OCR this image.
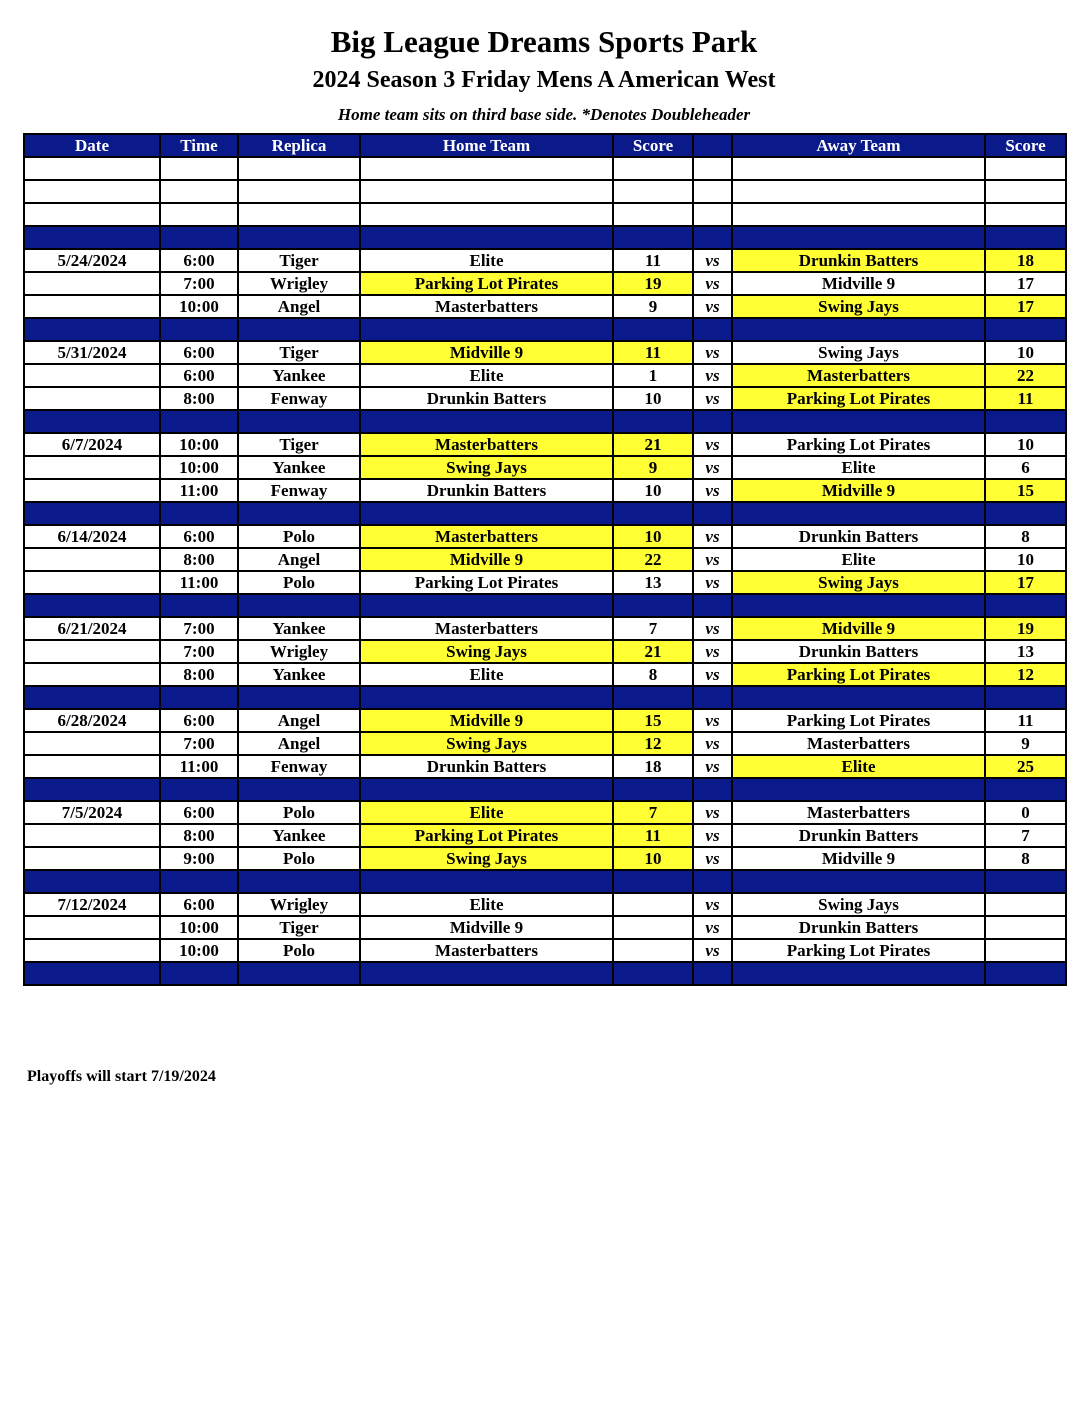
Big League Dreams Sports Park
2024 Season 3 Friday Mens A American West
Home team sits on third base side. *Denotes Doubleheader
Date	Time	Replica	Home Team	Score		Away Team	Score

5/24/2024	6:00	Tiger	Elite	11	vs	Drunkin Batters	18
	7:00	Wrigley	Parking Lot Pirates	19	vs	Midville 9	17
	10:00	Angel	Masterbatters	9	vs	Swing Jays	17

5/31/2024	6:00	Tiger	Midville 9	11	vs	Swing Jays	10
	6:00	Yankee	Elite	1	vs	Masterbatters	22
	8:00	Fenway	Drunkin Batters	10	vs	Parking Lot Pirates	11

6/7/2024	10:00	Tiger	Masterbatters	21	vs	Parking Lot Pirates	10
	10:00	Yankee	Swing Jays	9	vs	Elite	6
	11:00	Fenway	Drunkin Batters	10	vs	Midville 9	15

6/14/2024	6:00	Polo	Masterbatters	10	vs	Drunkin Batters	8
	8:00	Angel	Midville 9	22	vs	Elite	10
	11:00	Polo	Parking Lot Pirates	13	vs	Swing Jays	17

6/21/2024	7:00	Yankee	Masterbatters	7	vs	Midville 9	19
	7:00	Wrigley	Swing Jays	21	vs	Drunkin Batters	13
	8:00	Yankee	Elite	8	vs	Parking Lot Pirates	12

6/28/2024	6:00	Angel	Midville 9	15	vs	Parking Lot Pirates	11
	7:00	Angel	Swing Jays	12	vs	Masterbatters	9
	11:00	Fenway	Drunkin Batters	18	vs	Elite	25

7/5/2024	6:00	Polo	Elite	7	vs	Masterbatters	0
	8:00	Yankee	Parking Lot Pirates	11	vs	Drunkin Batters	7
	9:00	Polo	Swing Jays	10	vs	Midville 9	8

7/12/2024	6:00	Wrigley	Elite		vs	Swing Jays	
	10:00	Tiger	Midville 9		vs	Drunkin Batters	
	10:00	Polo	Masterbatters		vs	Parking Lot Pirates	

Playoffs will start 7/19/2024
